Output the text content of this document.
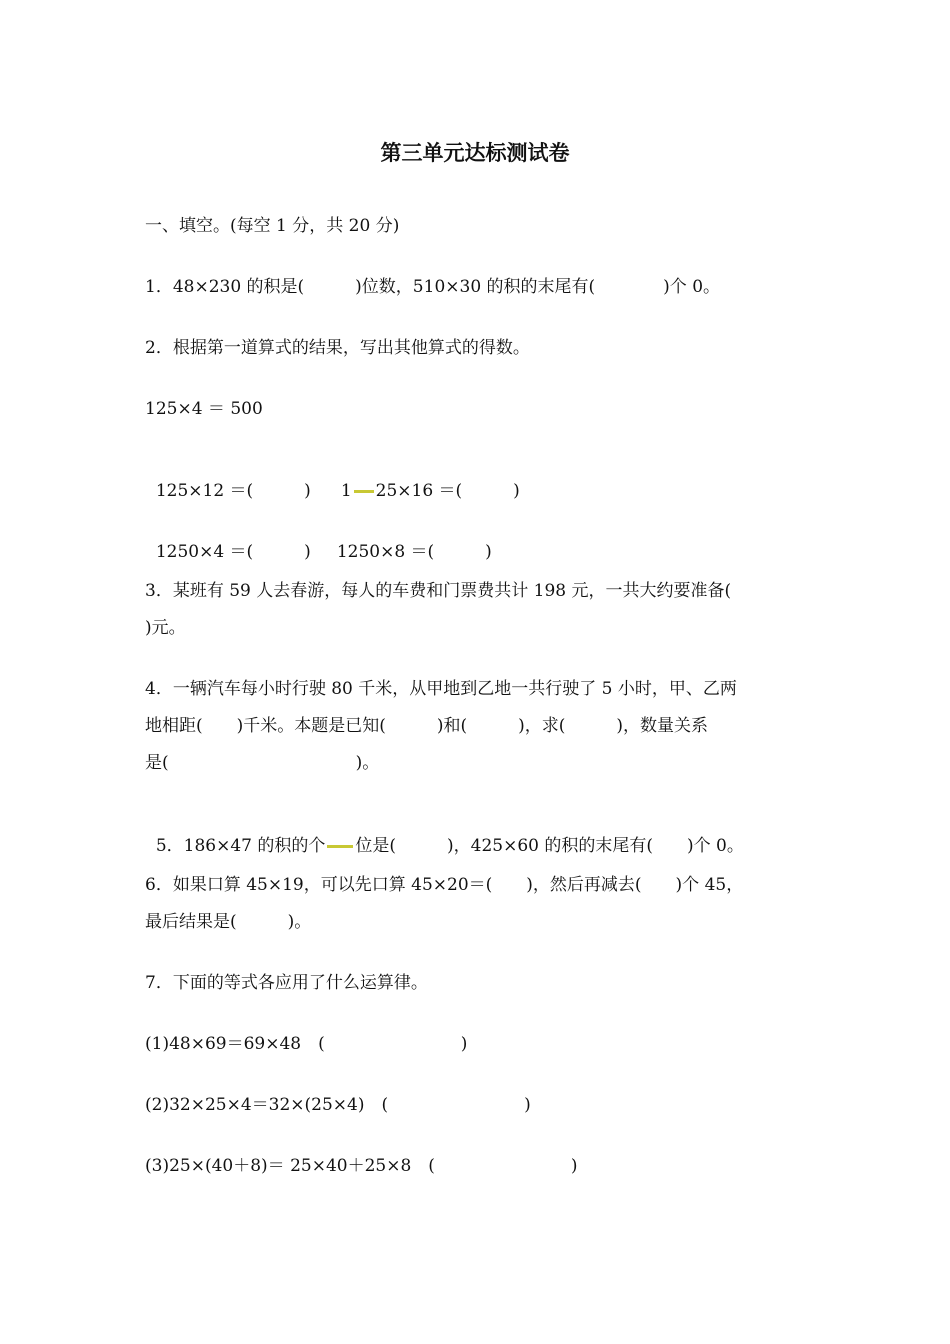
第三单元达标测试卷
一、填空。(每空 1 分，共 20 分)
1．48×230 的积是(　　　)位数，510×30 的积的末尾有(　　　　)个 0。
2．根据第一道算式的结果，写出其他算式的得数。
125×4 ＝ 500

125×12 ＝(　　　) 1 25×16 ＝(　　　)

1250×4 ＝(　　　) 1250×8 ＝(　　　)

3．某班有 59 人去春游，每人的车费和门票费共计 198 元，一共大约要准备(
)元。
4．一辆汽车每小时行驶 80 千米，从甲地到乙地一共行驶了 5 小时，甲、乙两
地相距(　　)千米。本题是已知(　　　)和(　　　)，求(　　　)，数量关系
是(　　　　　　　　　　　)。

5．186×47 的积的个 位是(　　　)，425×60 的积的末尾有(　　)个 0。

6．如果口算 45×19，可以先口算 45×20＝(　　)，然后再减去(　　)个 45，
最后结果是(　　　)。
7．下面的等式各应用了什么运算律。
(1)48×69＝69×48　(　　　　　　　　)
(2)32×25×4＝32×(25×4)　(　　　　　　　　)
(3)25×(40＋8)＝ 25×40＋25×8　(　　　　　　　　)
